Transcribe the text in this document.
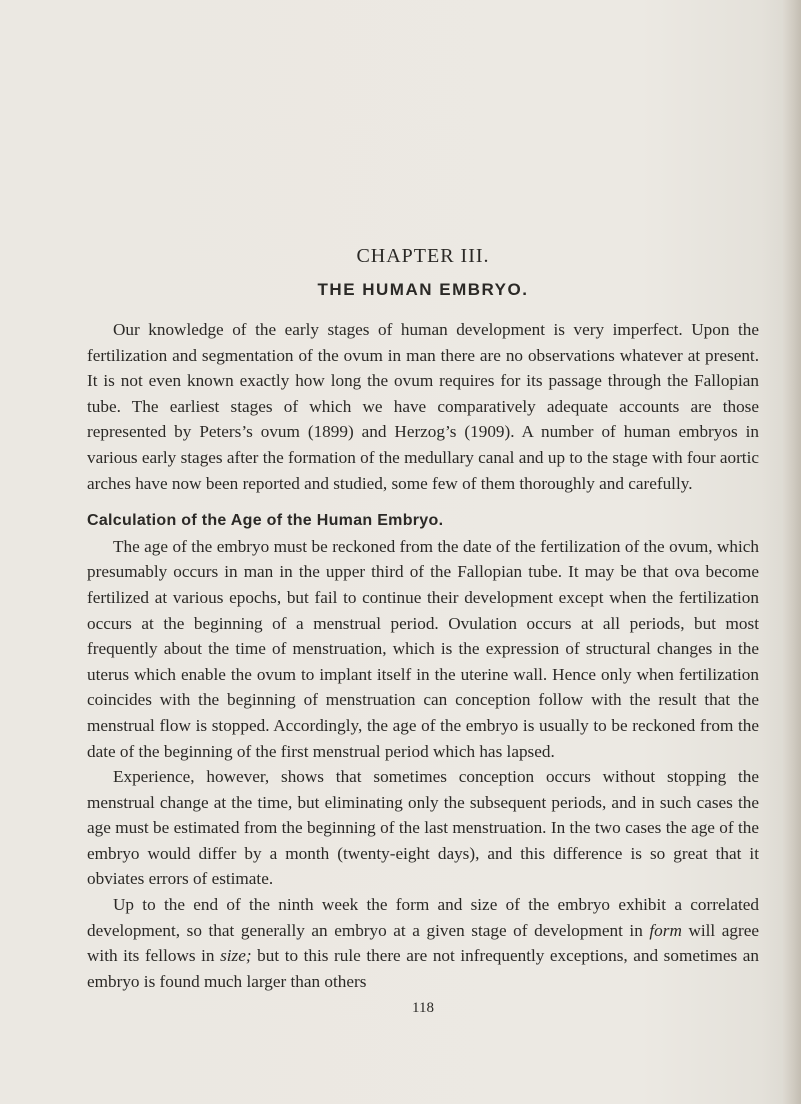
CHAPTER III.
THE HUMAN EMBRYO.

Our knowledge of the early stages of human development is very imperfect. Upon the fertilization and segmentation of the ovum in man there are no observations whatever at present. It is not even known exactly how long the ovum requires for its passage through the Fallopian tube. The earliest stages of which we have comparatively adequate accounts are those represented by Peters’s ovum (1899) and Herzog’s (1909). A number of human embryos in various early stages after the formation of the medullary canal and up to the stage with four aortic arches have now been reported and studied, some few of them thoroughly and carefully.

Calculation of the Age of the Human Embryo.

The age of the embryo must be reckoned from the date of the fertilization of the ovum, which presumably occurs in man in the upper third of the Fallopian tube. It may be that ova become fertilized at various epochs, but fail to continue their development except when the fertilization occurs at the beginning of a menstrual period. Ovulation occurs at all periods, but most frequently about the time of menstruation, which is the expression of structural changes in the uterus which enable the ovum to implant itself in the uterine wall. Hence only when fertilization coincides with the beginning of menstruation can conception follow with the result that the menstrual flow is stopped. Accordingly, the age of the embryo is usually to be reckoned from the date of the beginning of the first menstrual period which has lapsed.

Experience, however, shows that sometimes conception occurs without stopping the menstrual change at the time, but eliminating only the subsequent periods, and in such cases the age must be estimated from the beginning of the last menstruation. In the two cases the age of the embryo would differ by a month (twenty-eight days), and this difference is so great that it obviates errors of estimate.

Up to the end of the ninth week the form and size of the embryo exhibit a correlated development, so that generally an embryo at a given stage of development in form will agree with its fellows in size; but to this rule there are not infrequently exceptions, and sometimes an embryo is found much larger than others

118
